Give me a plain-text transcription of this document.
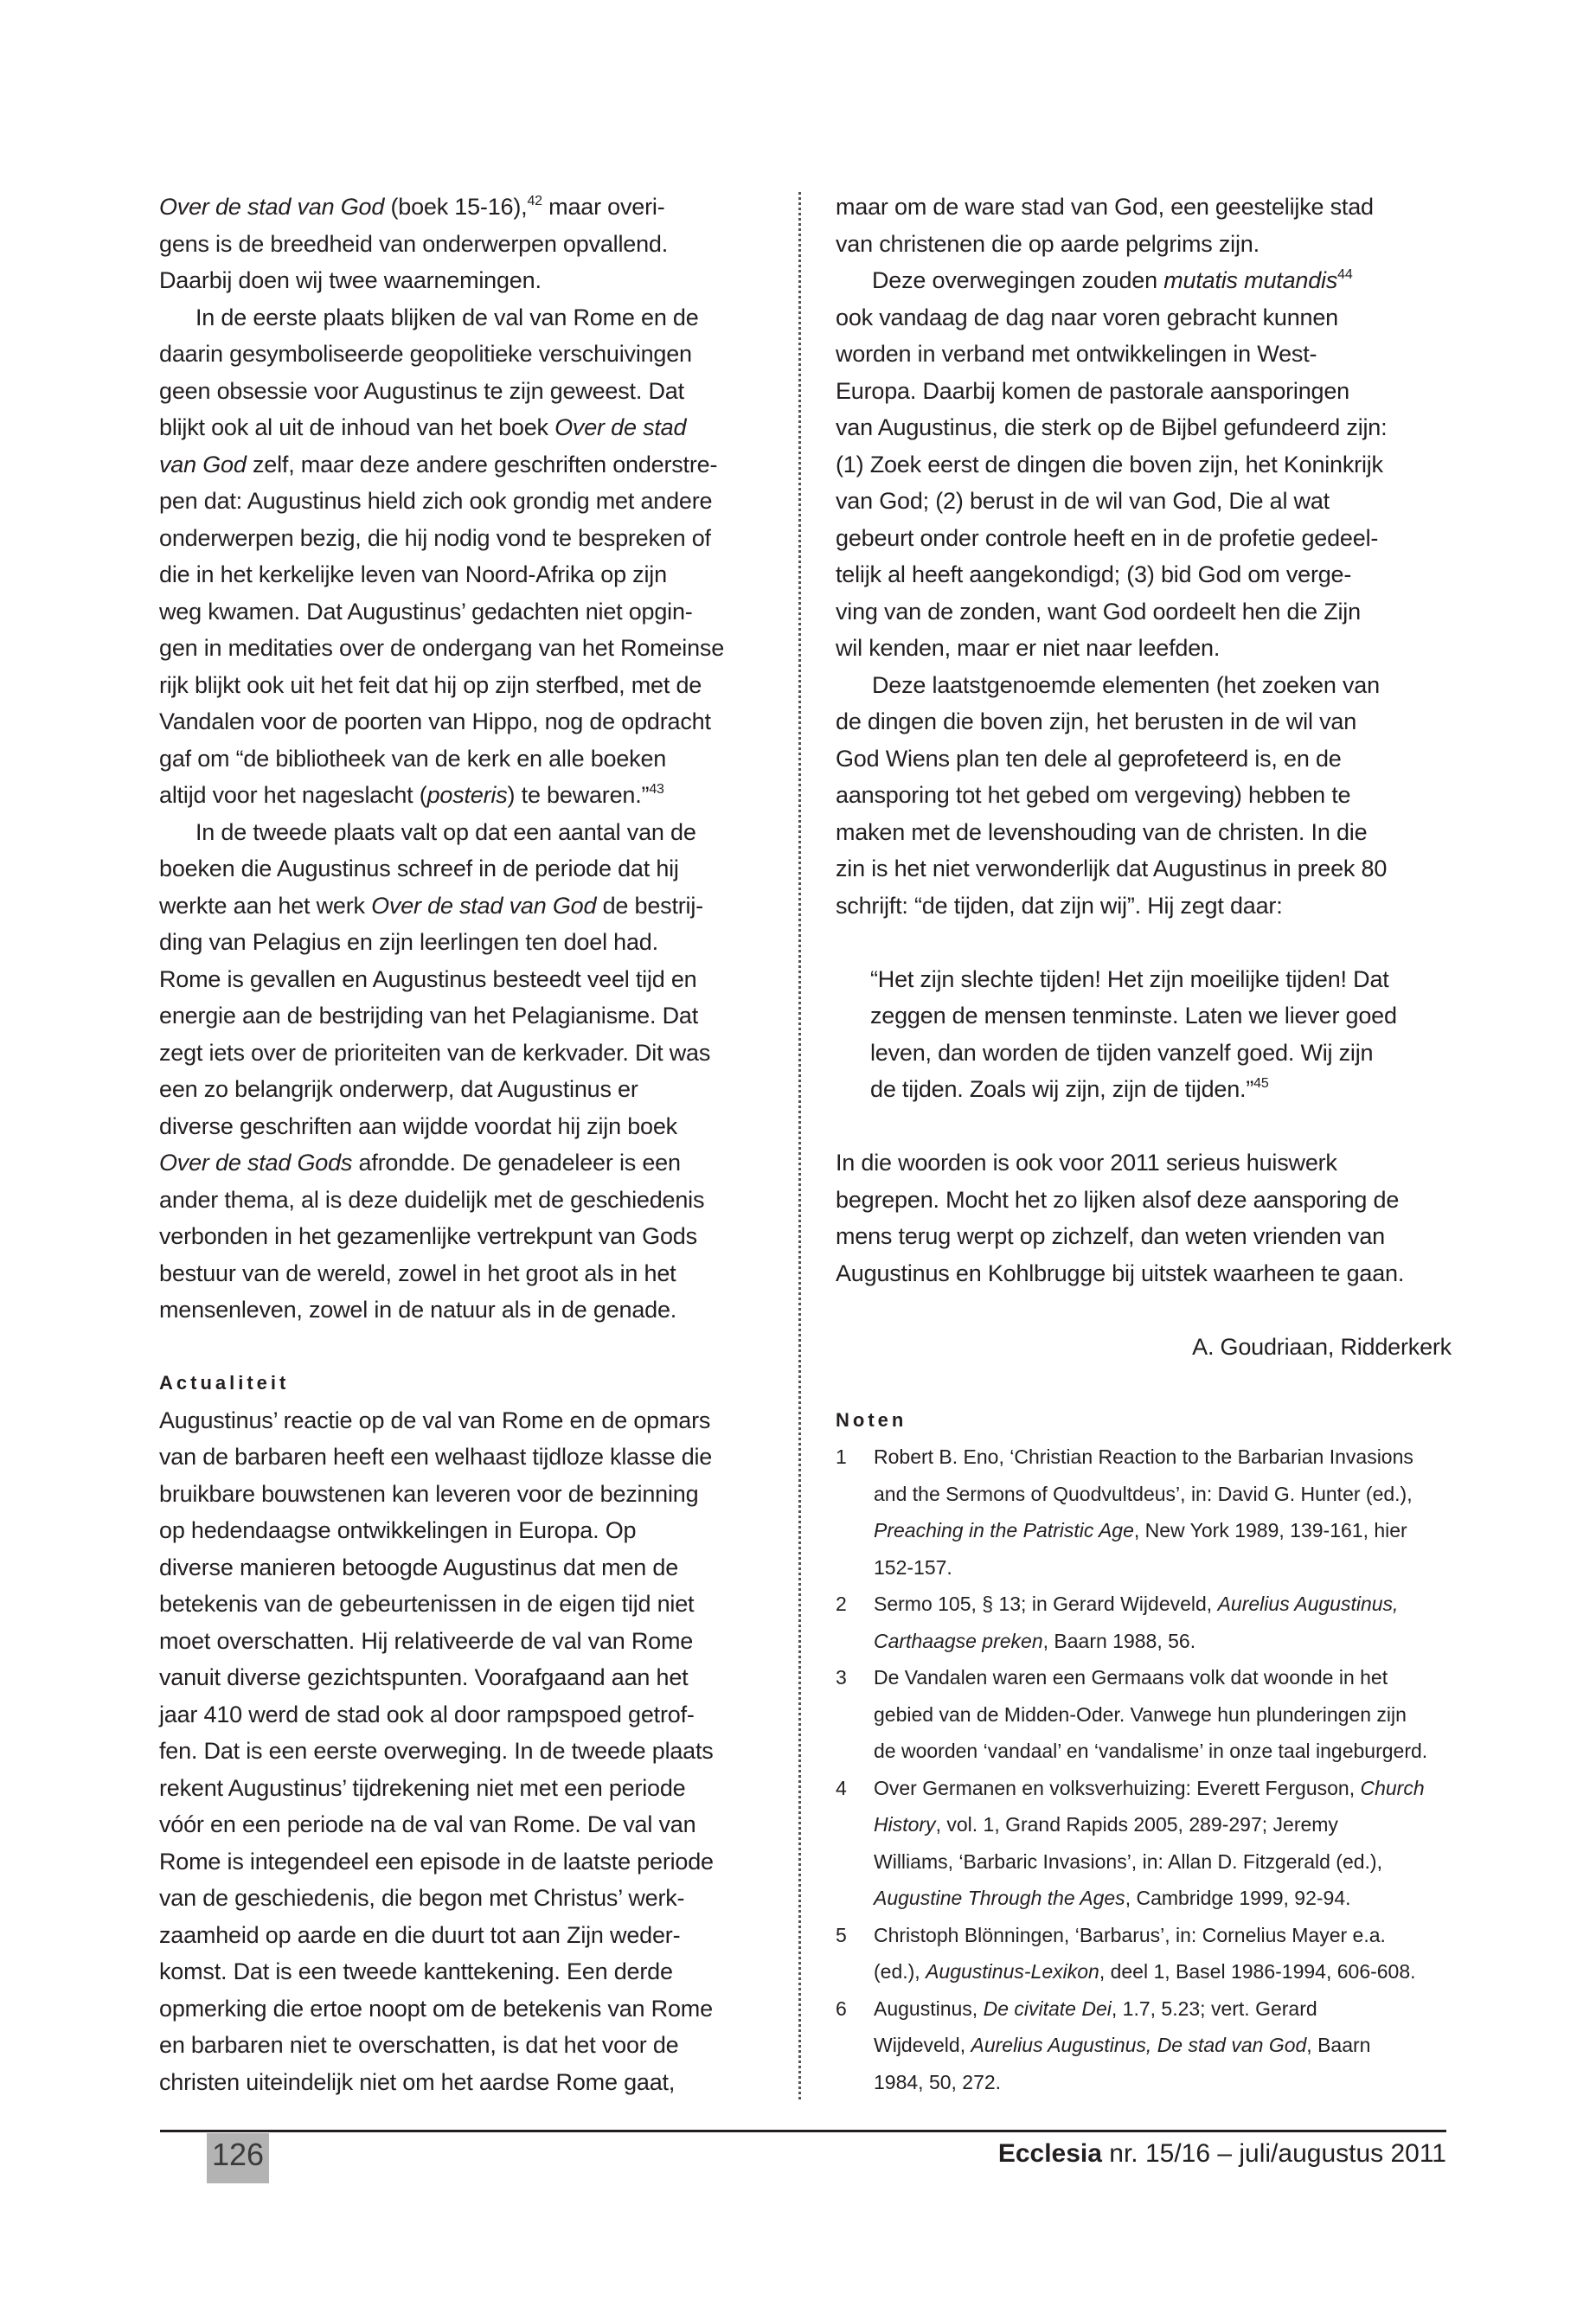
Over de stad van God (boek 15-16),$^{42}$ maar overi-
gens is de breedheid van onderwerpen opvallend.
Daarbij doen wij twee waarnemingen.
In de eerste plaats blijken de val van Rome en de
daarin gesymboliseerde geopolitieke verschuivingen
geen obsessie voor Augustinus te zijn geweest. Dat
blijkt ook al uit de inhoud van het boek Over de stad
van God zelf, maar deze andere geschriften onderstre-
pen dat: Augustinus hield zich ook grondig met andere
onderwerpen bezig, die hij nodig vond te bespreken of
die in het kerkelijke leven van Noord-Afrika op zijn
weg kwamen. Dat Augustinus’ gedachten niet opgin-
gen in meditaties over de ondergang van het Romeinse
rijk blijkt ook uit het feit dat hij op zijn sterfbed, met de
Vandalen voor de poorten van Hippo, nog de opdracht
gaf om “de bibliotheek van de kerk en alle boeken
altijd voor het nageslacht (posteris) te bewaren.”$^{43}$
In de tweede plaats valt op dat een aantal van de
boeken die Augustinus schreef in de periode dat hij
werkte aan het werk Over de stad van God de bestrij-
ding van Pelagius en zijn leerlingen ten doel had.
Rome is gevallen en Augustinus besteedt veel tijd en
energie aan de bestrijding van het Pelagianisme. Dat
zegt iets over de prioriteiten van de kerkvader. Dit was
een zo belangrijk onderwerp, dat Augustinus er
diverse geschriften aan wijdde voordat hij zijn boek
Over de stad Gods afrondde. De genadeleer is een
ander thema, al is deze duidelijk met de geschiedenis
verbonden in het gezamenlijke vertrekpunt van Gods
bestuur van de wereld, zowel in het groot als in het
mensenleven, zowel in de natuur als in de genade.
Actualiteit
Augustinus’ reactie op de val van Rome en de opmars
van de barbaren heeft een welhaast tijdloze klasse die
bruikbare bouwstenen kan leveren voor de bezinning
op hedendaagse ontwikkelingen in Europa. Op
diverse manieren betoogde Augustinus dat men de
betekenis van de gebeurtenissen in de eigen tijd niet
moet overschatten. Hij relativeerde de val van Rome
vanuit diverse gezichtspunten. Voorafgaand aan het
jaar 410 werd de stad ook al door rampspoed getrof-
fen. Dat is een eerste overweging. In de tweede plaats
rekent Augustinus’ tijdrekening niet met een periode
vóór en een periode na de val van Rome. De val van
Rome is integendeel een episode in de laatste periode
van de geschiedenis, die begon met Christus’ werk-
zaamheid op aarde en die duurt tot aan Zijn weder-
komst. Dat is een tweede kanttekening. Een derde
opmerking die ertoe noopt om de betekenis van Rome
en barbaren niet te overschatten, is dat het voor de
christen uiteindelijk niet om het aardse Rome gaat,
maar om de ware stad van God, een geestelijke stad
van christenen die op aarde pelgrims zijn.
Deze overwegingen zouden mutatis mutandis$^{44}$
ook vandaag de dag naar voren gebracht kunnen
worden in verband met ontwikkelingen in West-
Europa. Daarbij komen de pastorale aansporingen
van Augustinus, die sterk op de Bijbel gefundeerd zijn:
(1) Zoek eerst de dingen die boven zijn, het Koninkrijk
van God; (2) berust in de wil van God, Die al wat
gebeurt onder controle heeft en in de profetie gedeel-
telijk al heeft aangekondigd; (3) bid God om verge-
ving van de zonden, want God oordeelt hen die Zijn
wil kenden, maar er niet naar leefden.
Deze laatstgenoemde elementen (het zoeken van
de dingen die boven zijn, het berusten in de wil van
God Wiens plan ten dele al geprofeteerd is, en de
aansporing tot het gebed om vergeving) hebben te
maken met de levenshouding van de christen. In die
zin is het niet verwonderlijk dat Augustinus in preek 80
schrijft: “de tijden, dat zijn wij”. Hij zegt daar:
“Het zijn slechte tijden! Het zijn moeilijke tijden! Dat
zeggen de mensen tenminste. Laten we liever goed
leven, dan worden de tijden vanzelf goed. Wij zijn
de tijden. Zoals wij zijn, zijn de tijden.”$^{45}$
In die woorden is ook voor 2011 serieus huiswerk
begrepen. Mocht het zo lijken alsof deze aansporing de
mens terug werpt op zichzelf, dan weten vrienden van
Augustinus en Kohlbrugge bij uitstek waarheen te gaan.
A. Goudriaan, Ridderkerk
Noten
1	Robert B. Eno, ‘Christian Reaction to the Barbarian Invasions
and the Sermons of Quodvultdeus’, in: David G. Hunter (ed.),
Preaching in the Patristic Age, New York 1989, 139-161, hier
152-157.
2	Sermo 105, § 13; in Gerard Wijdeveld, Aurelius Augustinus,
Carthaagse preken, Baarn 1988, 56.
3	De Vandalen waren een Germaans volk dat woonde in het
gebied van de Midden-Oder. Vanwege hun plunderingen zijn
de woorden ‘vandaal’ en ‘vandalisme’ in onze taal ingeburgerd.
4	Over Germanen en volksverhuizing: Everett Ferguson, Church
History, vol. 1, Grand Rapids 2005, 289-297; Jeremy
Williams, ‘Barbaric Invasions’, in: Allan D. Fitzgerald (ed.),
Augustine Through the Ages, Cambridge 1999, 92-94.
5	Christoph Blönningen, ‘Barbarus’, in: Cornelius Mayer e.a.
(ed.), Augustinus-Lexikon, deel 1, Basel 1986-1994, 606-608.
6	Augustinus, De civitate Dei, 1.7, 5.23; vert. Gerard
Wijdeveld, Aurelius Augustinus, De stad van God, Baarn
1984, 50, 272.
126	Ecclesia nr. 15/16 – juli/augustus 2011
